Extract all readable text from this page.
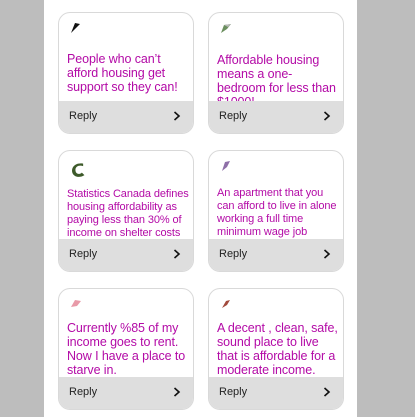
People who can’t afford housing get support so they can!
Reply
Affordable housing means a one-bedroom for less than
Reply
Statistics Canada defines housing affordability as paying less than 30% of income on shelter costs
Reply
An apartment that you can afford to live in alone working a full time minimum wage job
Reply
Currently %85 of my income goes to rent. Now I have a place to starve in.
Reply
A decent , clean, safe, sound place to live that is affordable for a moderate income.
Reply
